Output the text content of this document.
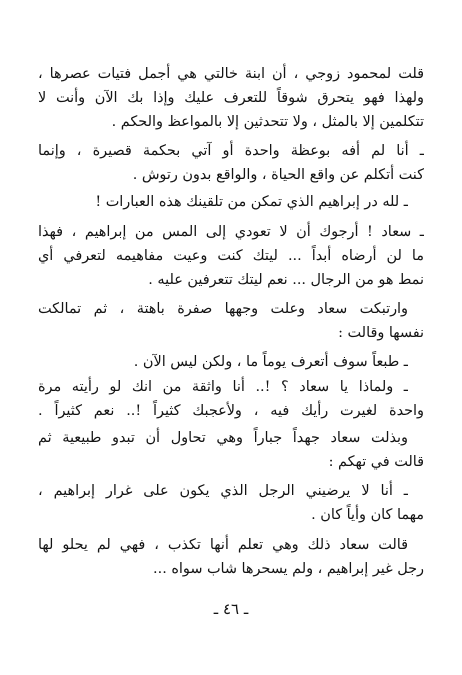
قلت لمحمود زوجي ، أن ابنة خالتي هي أجمل فتيات عصرها ،
ولهذا فهو يتحرق شوقاً للتعرف عليك وإذا بك الآن وأنت لا
تتكلمين إلا بالمثل ، ولا تتحدثين إلا بالمواعظ والحكم .
ـ أنا لم أفه بوعظة واحدة أو آتي بحكمة قصيرة ، وإنما
كنت أتكلم عن واقع الحياة ، والواقع بدون رتوش .
ـ لله در إبراهيم الذي تمكن من تلقينك هذه العبارات !
ـ سعاد ! أرجوك أن لا تعودي إلى المس من إبراهيم ، فهذا
ما لن أرضاه أبداً ... ليتك كنت وعيت مفاهيمه لتعرفي أي
نمط هو من الرجال ... نعم ليتك تتعرفين عليه .
وارتبكت سعاد وعلت وجهها صفرة باهتة ، ثم تمالكت
نفسها وقالت :
ـ طبعاً سوف أتعرف يوماً ما ، ولكن ليس الآن .
ـ ولماذا يا سعاد ؟ !.. أنا واثقة من انك لو رأيته مرة
واحدة لغيرت رأيك فيه ، ولأعجبك كثيراً !.. نعم كثيراً .
وبذلت سعاد جهداً جباراً وهي تحاول أن تبدو طبيعية ثم
قالت في تهكم :
ـ أنا لا يرضيني الرجل الذي يكون على غرار إبراهيم ،
مهما كان وأياً كان .
قالت سعاد ذلك وهي تعلم أنها تكذب ، فهي لم يحلو لها
رجل غير إبراهيم ، ولم يسحرها شاب سواه ...
ـ ٤٦ ـ
